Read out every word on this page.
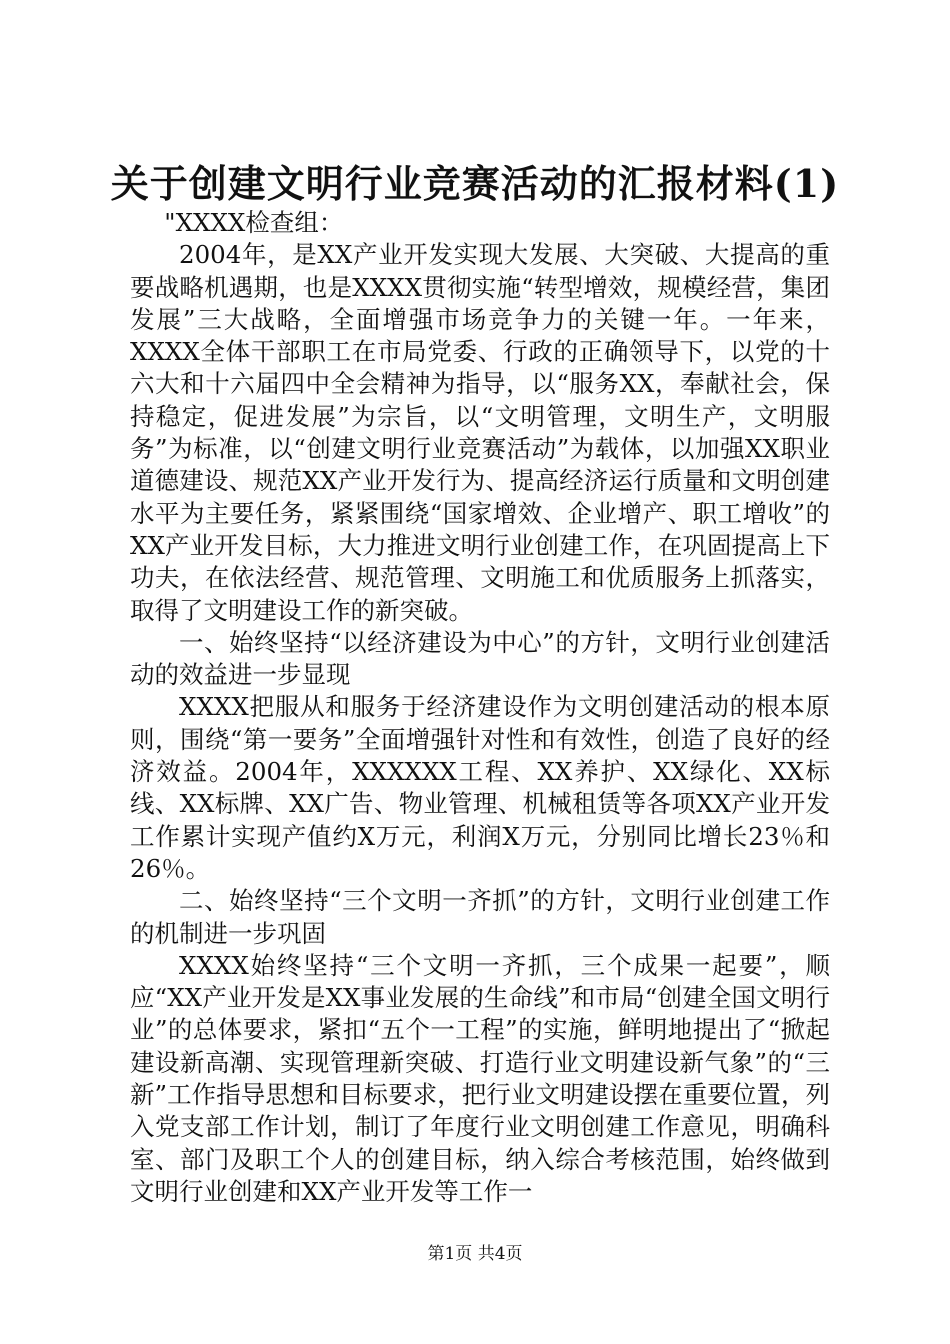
关于创建文明行业竞赛活动的汇报材料(1)

"XXXX检查组：

2004年，是XX产业开发实现大发展、大突破、大提高的重要战略机遇期，也是XXXX贯彻实施“转型增效，规模经营，集团发展”三大战略，全面增强市场竞争力的关键一年。一年来，XXXX全体干部职工在市局党委、行政的正确领导下，以党的十六大和十六届四中全会精神为指导，以“服务XX，奉献社会，保持稳定，促进发展”为宗旨，以“文明管理，文明生产，文明服务”为标准，以“创建文明行业竞赛活动”为载体，以加强XX职业道德建设、规范XX产业开发行为、提高经济运行质量和文明创建水平为主要任务，紧紧围绕“国家增效、企业增产、职工增收”的XX产业开发目标，大力推进文明行业创建工作，在巩固提高上下功夫，在依法经营、规范管理、文明施工和优质服务上抓落实，取得了文明建设工作的新突破。

一、始终坚持“以经济建设为中心”的方针，文明行业创建活动的效益进一步显现

XXXX把服从和服务于经济建设作为文明创建活动的根本原则，围绕“第一要务”全面增强针对性和有效性，创造了良好的经济效益。2004年，XXXXXX工程、XX养护、XX绿化、XX标线、XX标牌、XX广告、物业管理、机械租赁等各项XX产业开发工作累计实现产值约X万元，利润X万元，分别同比增长23％和26％。

二、始终坚持“三个文明一齐抓”的方针，文明行业创建工作的机制进一步巩固

XXXX始终坚持“三个文明一齐抓，三个成果一起要”，顺应“XX产业开发是XX事业发展的生命线”和市局“创建全国文明行业”的总体要求，紧扣“五个一工程”的实施，鲜明地提出了“掀起建设新高潮、实现管理新突破、打造行业文明建设新气象”的“三新”工作指导思想和目标要求，把行业文明建设摆在重要位置，列入党支部工作计划，制订了年度行业文明创建工作意见，明确科室、部门及职工个人的创建目标，纳入综合考核范围，始终做到文明行业创建和XX产业开发等工作一

第1页 共4页
